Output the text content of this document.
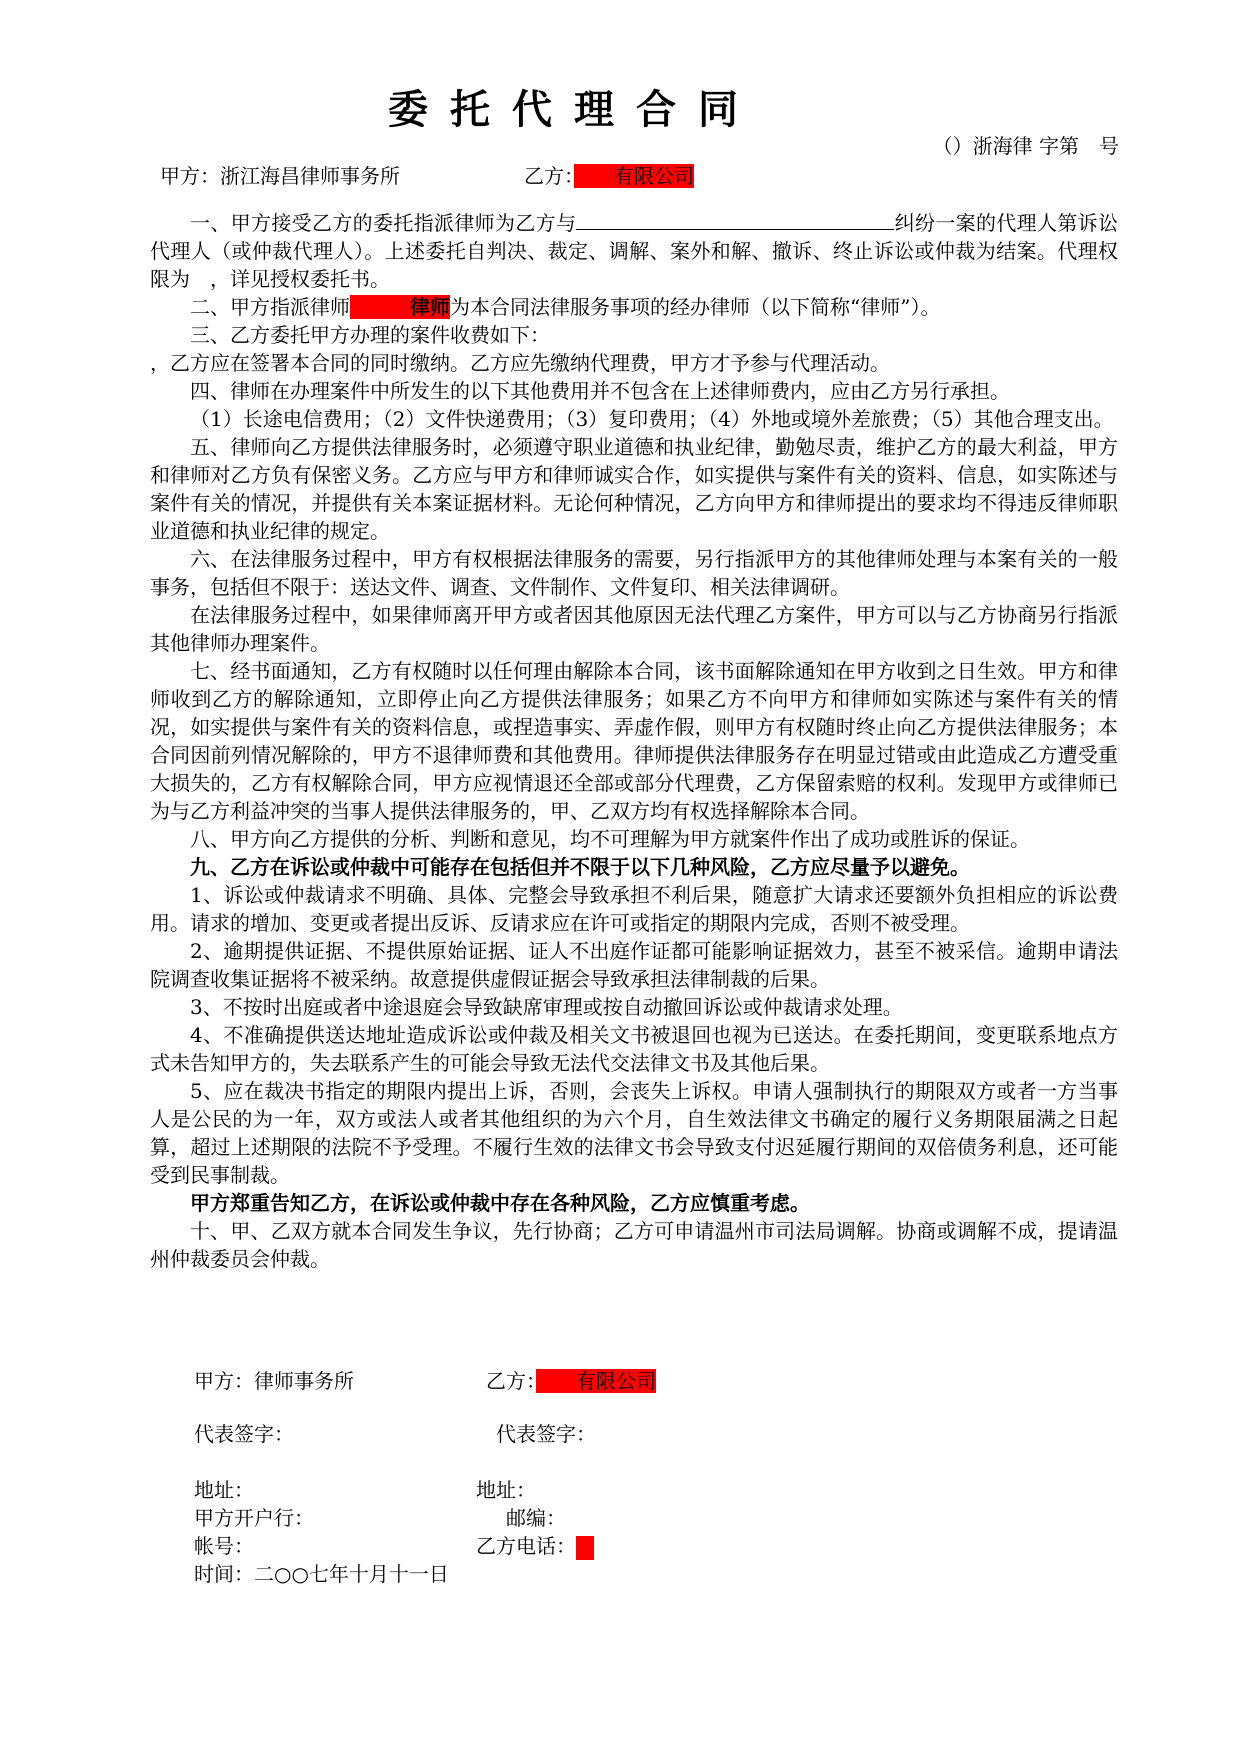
委托代理合同
（）浙海律 字第　号
甲方：浙江海昌律师事务所	乙方：　　有限公司

一、甲方接受乙方的委托指派律师为乙方与	纠纷一案的代理人第诉讼代理人（或仲裁代理人）。上述委托自判决、裁定、调解、案外和解、撤诉、终止诉讼或仲裁为结案。代理权限为　，详见授权委托书。

二、甲方指派律师　　　律师为本合同法律服务事项的经办律师（以下简称“律师”）。

三、乙方委托甲方办理的案件收费如下：

，乙方应在签署本合同的同时缴纳。乙方应先缴纳代理费，甲方才予参与代理活动。

四、律师在办理案件中所发生的以下其他费用并不包含在上述律师费内，应由乙方另行承担。

（1）长途电信费用；（2）文件快递费用；（3）复印费用；（4）外地或境外差旅费；（5）其他合理支出。

五、律师向乙方提供法律服务时，必须遵守职业道德和执业纪律，勤勉尽责，维护乙方的最大利益，甲方和律师对乙方负有保密义务。乙方应与甲方和律师诚实合作，如实提供与案件有关的资料、信息，如实陈述与案件有关的情况，并提供有关本案证据材料。无论何种情况，乙方向甲方和律师提出的要求均不得违反律师职业道德和执业纪律的规定。

六、在法律服务过程中，甲方有权根据法律服务的需要，另行指派甲方的其他律师处理与本案有关的一般事务，包括但不限于：送达文件、调查、文件制作、文件复印、相关法律调研。

在法律服务过程中，如果律师离开甲方或者因其他原因无法代理乙方案件，甲方可以与乙方协商另行指派其他律师办理案件。

七、经书面通知，乙方有权随时以任何理由解除本合同，该书面解除通知在甲方收到之日生效。甲方和律师收到乙方的解除通知，立即停止向乙方提供法律服务；如果乙方不向甲方和律师如实陈述与案件有关的情况，如实提供与案件有关的资料信息，或捏造事实、弄虚作假，则甲方有权随时终止向乙方提供法律服务；本合同因前列情况解除的，甲方不退律师费和其他费用。律师提供法律服务存在明显过错或由此造成乙方遭受重大损失的，乙方有权解除合同，甲方应视情退还全部或部分代理费，乙方保留索赔的权利。发现甲方或律师已为与乙方利益冲突的当事人提供法律服务的，甲、乙双方均有权选择解除本合同。

八、甲方向乙方提供的分析、判断和意见，均不可理解为甲方就案件作出了成功或胜诉的保证。

九、乙方在诉讼或仲裁中可能存在包括但并不限于以下几种风险，乙方应尽量予以避免。

1、诉讼或仲裁请求不明确、具体、完整会导致承担不利后果，随意扩大请求还要额外负担相应的诉讼费用。请求的增加、变更或者提出反诉、反请求应在许可或指定的期限内完成，否则不被受理。

2、逾期提供证据、不提供原始证据、证人不出庭作证都可能影响证据效力，甚至不被采信。逾期申请法院调查收集证据将不被采纳。故意提供虚假证据会导致承担法律制裁的后果。

3、不按时出庭或者中途退庭会导致缺席审理或按自动撤回诉讼或仲裁请求处理。

4、不准确提供送达地址造成诉讼或仲裁及相关文书被退回也视为已送达。在委托期间，变更联系地点方式未告知甲方的，失去联系产生的可能会导致无法代交法律文书及其他后果。

5、应在裁决书指定的期限内提出上诉，否则，会丧失上诉权。申请人强制执行的期限双方或者一方当事人是公民的为一年，双方或法人或者其他组织的为六个月，自生效法律文书确定的履行义务期限届满之日起算，超过上述期限的法院不予受理。不履行生效的法律文书会导致支付迟延履行期间的双倍债务利息，还可能受到民事制裁。

甲方郑重告知乙方，在诉讼或仲裁中存在各种风险，乙方应慎重考虑。

十、甲、乙双方就本合同发生争议，先行协商；乙方可申请温州市司法局调解。协商或调解不成，提请温州仲裁委员会仲裁。

甲方：律师事务所	乙方：　　有限公司
代表签字：	代表签字：
地址：	地址：
甲方开户行：	邮编：
帐号：	乙方电话：
时间：二○○七年十月十一日
